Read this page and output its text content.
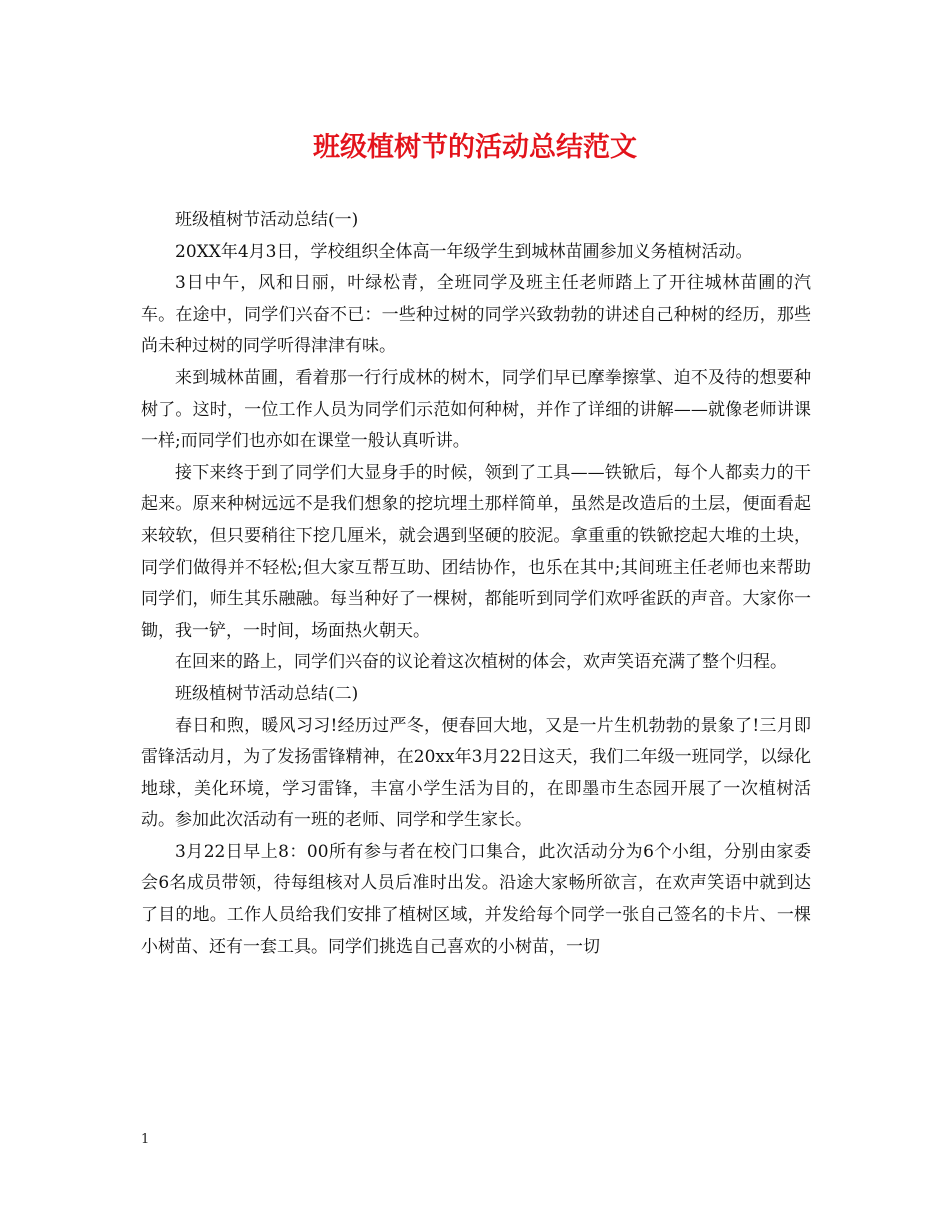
班级植树节的活动总结范文

班级植树节活动总结(一)

20XX年4月3日，学校组织全体高一年级学生到城林苗圃参加义务植树活动。

3日中午，风和日丽，叶绿松青，全班同学及班主任老师踏上了开往城林苗圃的汽车。在途中，同学们兴奋不已：一些种过树的同学兴致勃勃的讲述自己种树的经历，那些尚未种过树的同学听得津津有味。

来到城林苗圃，看着那一行行成林的树木，同学们早已摩拳擦掌、迫不及待的想要种树了。这时，一位工作人员为同学们示范如何种树，并作了详细的讲解——就像老师讲课一样;而同学们也亦如在课堂一般认真听讲。

接下来终于到了同学们大显身手的时候，领到了工具——铁锨后，每个人都卖力的干起来。原来种树远远不是我们想象的挖坑埋土那样简单，虽然是改造后的土层，便面看起来较软，但只要稍往下挖几厘米，就会遇到坚硬的胶泥。拿重重的铁锨挖起大堆的土块，同学们做得并不轻松;但大家互帮互助、团结协作，也乐在其中;其间班主任老师也来帮助同学们，师生其乐融融。每当种好了一棵树，都能听到同学们欢呼雀跃的声音。大家你一锄，我一铲，一时间，场面热火朝天。

在回来的路上，同学们兴奋的议论着这次植树的体会，欢声笑语充满了整个归程。

班级植树节活动总结(二)

春日和煦，暖风习习!经历过严冬，便春回大地，又是一片生机勃勃的景象了!三月即雷锋活动月，为了发扬雷锋精神，在20xx年3月22日这天，我们二年级一班同学，以绿化地球，美化环境，学习雷锋，丰富小学生活为目的，在即墨市生态园开展了一次植树活动。参加此次活动有一班的老师、同学和学生家长。

3月22日早上8：00所有参与者在校门口集合，此次活动分为6个小组，分别由家委会6名成员带领，待每组核对人员后准时出发。沿途大家畅所欲言，在欢声笑语中就到达了目的地。工作人员给我们安排了植树区域，并发给每个同学一张自己签名的卡片、一棵小树苗、还有一套工具。同学们挑选自己喜欢的小树苗，一切

1
